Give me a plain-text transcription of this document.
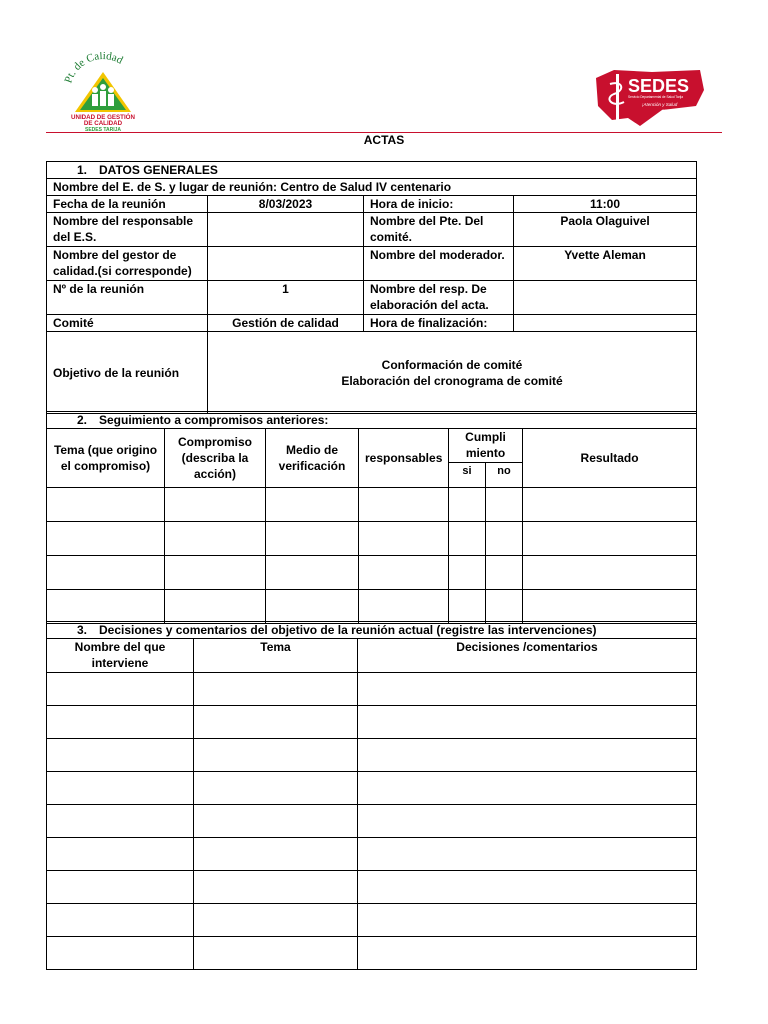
Pt. de Calidad
UNIDAD DE GESTIÓN
DE CALIDAD
SEDES TARIJA
SEDES
Servicio Departamental de Salud Tarija
¡Atención y Salud
para TODOS!
ACTAS
1. DATOS GENERALES			
Nombre del E. de S. y lugar de reunión: Centro de Salud IV centenario			
Fecha de la reunión	8/03/2023	Hora de inicio:	11:00
Nombre del responsable del E.S.		Nombre del Pte. Del comité.	Paola Olaguivel
Nombre del gestor de calidad.(si corresponde)		Nombre del moderador.	Yvette Aleman
Nº de la reunión	1	Nombre del resp. De elaboración del acta.	
Comité	Gestión de calidad	Hora de finalización:	
Objetivo de la reunión	Conformación de comité
Elaboración del cronograma de comité		
2. Seguimiento a compromisos anteriores:						
Tema (que origino el compromiso)	Compromiso (describa la acción)	Medio de verificación	responsables	Cumpli miento		Resultado
				si	no	

3. Decisiones y comentarios del objetivo de la reunión actual (registre las intervenciones)		
Nombre del que interviene	Tema	Decisiones /comentarios
